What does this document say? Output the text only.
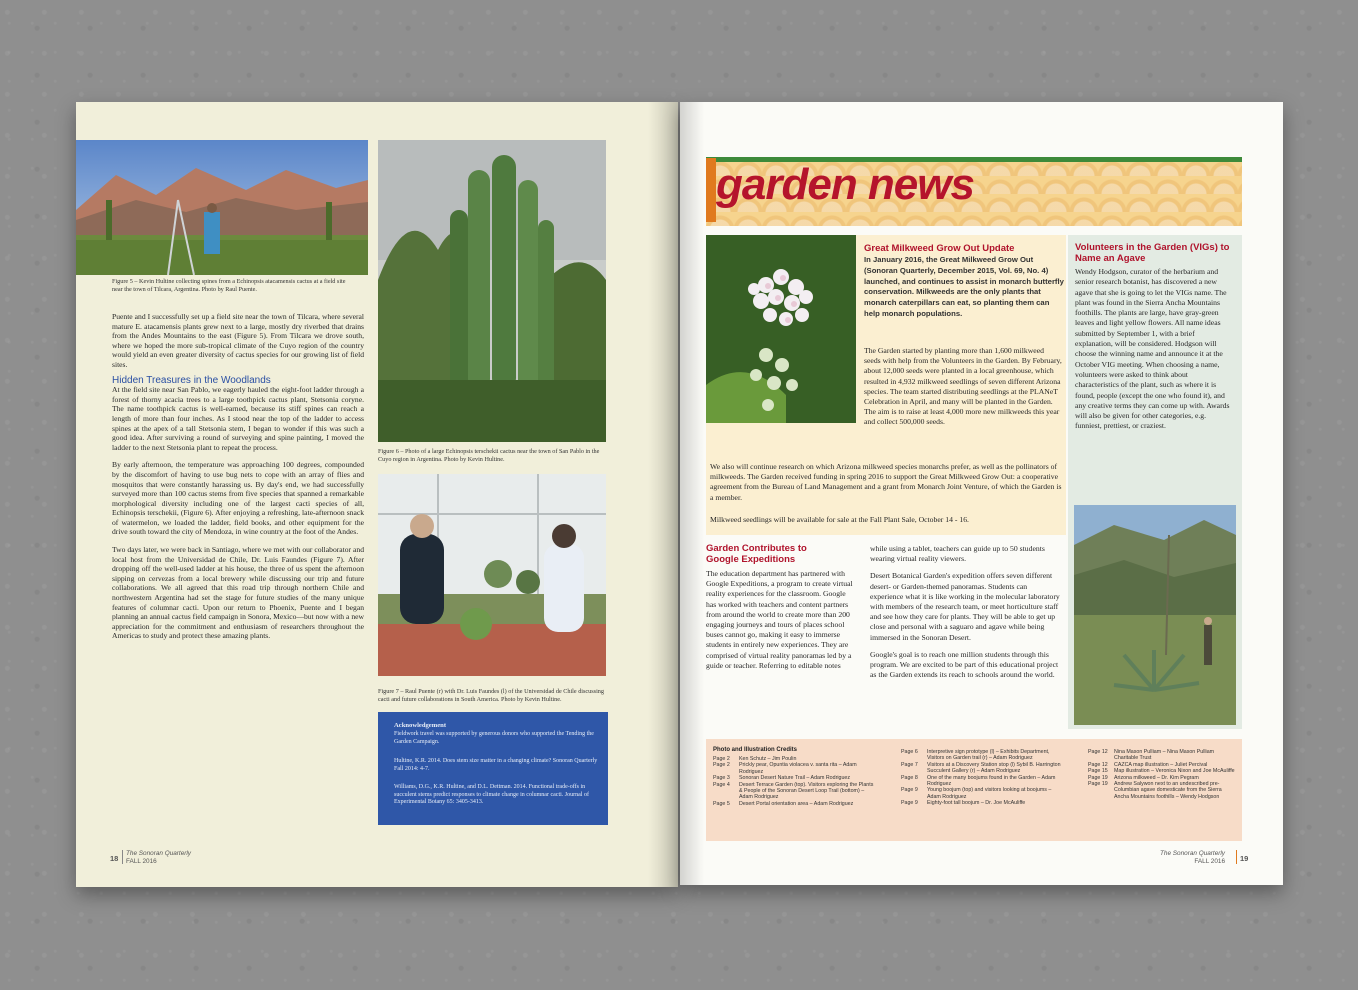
Figure 5 – Kevin Hultine collecting spines from a Echinopsis atacamensis cactus at a field site near the town of Tilcara, Argentina. Photo by Raul Puente.
Figure 6 – Photo of a large Echinopsis terschekii cactus near the town of San Pablo in the Cuyo region in Argentina. Photo by Kevin Hultine.
Figure 7 – Raul Puente (r) with Dr. Luis Faundes (l) of the Universidad de Chile discussing cacti and future collaborations in South America. Photo by Kevin Hultine.
Acknowledgement
Fieldwork travel was supported by generous donors who supported the Tending the Garden Campaign.
Hultine, K.R. 2014. Does stem size matter in a changing climate? Sonoran Quarterly Fall 2014: 4-7.
Williams, D.G., K.R. Hultine, and D.L. Dettman. 2014. Functional trade-offs in succulent stems predict responses to climate change in columnar cacti. Journal of Experimental Botany 65: 3405-3413.

Puente and I successfully set up a field site near the town of Tilcara, where several mature E. atacamensis plants grew next to a large, mostly dry riverbed that drains from the Andes Mountains to the east (Figure 5). From Tilcara we drove south, where we hoped the more sub-tropical climate of the Cuyo region of the country would yield an even greater diversity of cactus species for our growing list of field sites.

Hidden Treasures in the Woodlands

At the field site near San Pablo, we eagerly hauled the eight-foot ladder through a forest of thorny acacia trees to a large toothpick cactus plant, Stetsonia coryne. The name toothpick cactus is well-earned, because its stiff spines can reach a length of more than four inches. As I stood near the top of the ladder to access spines at the apex of a tall Stetsonia stem, I began to wonder if this was such a good idea. After surviving a round of surveying and spine painting, I moved the ladder to the next Stetsonia plant to repeat the process.

By early afternoon, the temperature was approaching 100 degrees, compounded by the discomfort of having to use bug nets to cope with an array of flies and mosquitos that were constantly harassing us. By day's end, we had successfully surveyed more than 100 cactus stems from five species that spanned a remarkable morphological diversity including one of the largest cacti species of all, Echinopsis terschekii, (Figure 6). After enjoying a refreshing, late-afternoon snack of watermelon, we loaded the ladder, field books, and other equipment for the drive south toward the city of Mendoza, in wine country at the foot of the Andes.

Two days later, we were back in Santiago, where we met with our collaborator and local host from the Universidad de Chile, Dr. Luis Faundes (Figure 7). After dropping off the well-used ladder at his house, the three of us spent the afternoon sipping on cervezas from a local brewery while discussing our trip and future collaborations. We all agreed that this road trip through northern Chile and northwestern Argentina had set the stage for future studies of the many unique features of columnar cacti. Upon our return to Phoenix, Puente and I began planning an annual cactus field campaign in Sonora, Mexico—but now with a new appreciation for the commitment and enthusiasm of researchers throughout the Americas to study and protect these amazing plants.

18
The Sonoran Quarterly
FALL 2016
garden news
Great Milkweed Grow Out Update
In January 2016, the Great Milkweed Grow Out (Sonoran Quarterly, December 2015, Vol. 69, No. 4) launched, and continues to assist in monarch butterfly conservation. Milkweeds are the only plants that monarch caterpillars can eat, so planting them can help monarch populations.
The Garden started by planting more than 1,600 milkweed seeds with help from the Volunteers in the Garden. By February, about 12,000 seeds were planted in a local greenhouse, which resulted in 4,932 milkweed seedlings of seven different Arizona species. The team started distributing seedlings at the PLANeT Celebration in April, and many will be planted in the Garden. The aim is to raise at least 4,000 more new milkweeds this year and collect 500,000 seeds.
We also will continue research on which Arizona milkweed species monarchs prefer, as well as the pollinators of milkweeds. The Garden received funding in spring 2016 to support the Great Milkweed Grow Out: a cooperative agreement from the Bureau of Land Management and a grant from Monarch Joint Venture, of which the Garden is a member.
Milkweed seedlings will be available for sale at the Fall Plant Sale, October 14 - 16.
Volunteers in the Garden (VIGs) to Name an Agave
Wendy Hodgson, curator of the herbarium and senior research botanist, has discovered a new agave that she is going to let the VIGs name. The plant was found in the Sierra Ancha Mountains foothills. The plants are large, have gray-green leaves and light yellow flowers. All name ideas submitted by September 1, with a brief explanation, will be considered. Hodgson will choose the winning name and announce it at the October VIG meeting. When choosing a name, volunteers were asked to think about characteristics of the plant, such as where it is found, people (except the one who found it), and any creative terms they can come up with. Awards will also be given for other categories, e.g. funniest, prettiest, or craziest.
Garden Contributes to Google Expeditions
The education department has partnered with Google Expeditions, a program to create virtual reality experiences for the classroom. Google has worked with teachers and content partners from around the world to create more than 200 engaging journeys and tours of places school buses cannot go, making it easy to immerse students in entirely new experiences. They are comprised of virtual reality panoramas led by a guide or teacher. Referring to editable notes

while using a tablet, teachers can guide up to 50 students wearing virtual reality viewers.

Desert Botanical Garden's expedition offers seven different desert- or Garden-themed panoramas. Students can experience what it is like working in the molecular laboratory with members of the research team, or meet horticulture staff and see how they care for plants. They will be able to get up close and personal with a saguaro and agave while being immersed in the Sonoran Desert.

Google's goal is to reach one million students through this program. We are excited to be part of this educational project as the Garden extends its reach to schools around the world.

Photo and Illustration Credits
Page 2 Ken Schutz – Jim Poulin
Page 2 Prickly pear, Opuntia violacea v. santa rita – Adam Rodriguez
Page 3 Sonoran Desert Nature Trail – Adam Rodriguez
Page 4 Desert Terrace Garden (top). Visitors exploring the Plants & People of the Sonoran Desert Loop Trail (bottom) – Adam Rodriguez
Page 5 Desert Portal orientation area – Adam Rodriguez
Page 6 Interpretive sign prototype (l) – Exhibits Department, Visitors on Garden trail (r) – Adam Rodriguez
Page 7 Visitors at a Discovery Station stop (l) Sybil B. Harrington Succulent Gallery (r) – Adam Rodriguez
Page 8 One of the many boojums found in the Garden – Adam Rodriguez
Page 9 Young boojum (top) and visitors looking at boojums – Adam Rodriguez
Page 9 Eighty-foot tall boojum – Dr. Joe McAuliffe
Page 12 Nina Mason Pulliam – Nina Mason Pulliam Charitable Trust
Page 12 CAZCA map illustration – Juliet Percival
Page 15 Map illustration – Veronica Nixon and Joe McAuliffe
Page 19 Arizona milkweed – Dr. Kim Pegram
Page 19 Andrew Salywon next to an undescribed pre-Columbian agave domesticate from the Sierra Ancha Mountains foothills – Wendy Hodgson
The Sonoran Quarterly
FALL 2016 19
